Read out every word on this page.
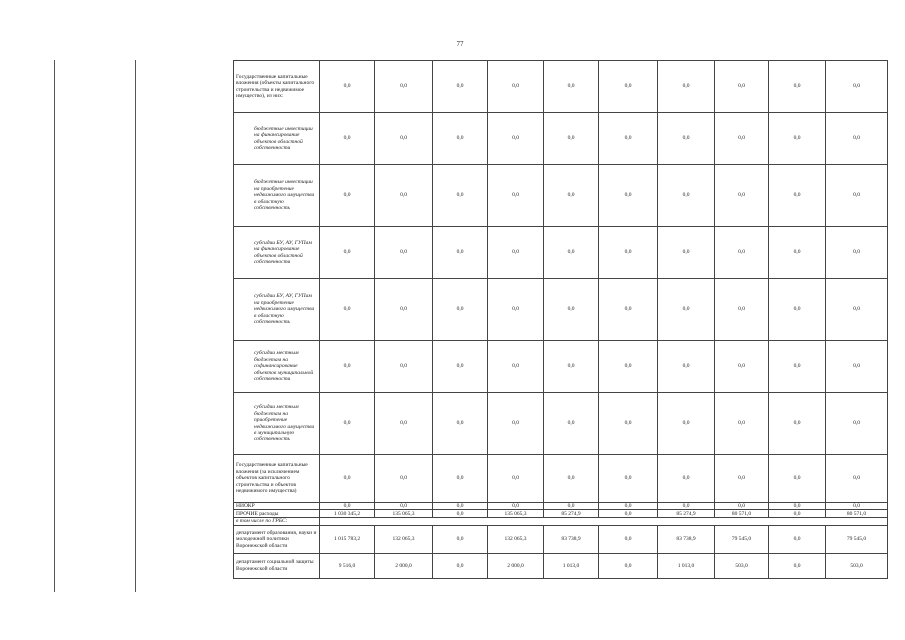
77
Государственные капитальные вложения (объекты капитального строительства и недвижимое имущество), из них:	0,0	0,0	0,0	0,0	0,0	0,0	0,0	0,0	0,0	0,0
бюджетные инвестиции на финансирование объектов областной собственности	0,0	0,0	0,0	0,0	0,0	0,0	0,0	0,0	0,0	0,0
бюджетные инвестиции на приобретение недвижимого имущества в областную собственность	0,0	0,0	0,0	0,0	0,0	0,0	0,0	0,0	0,0	0,0
субсидии БУ, АУ, ГУПам на финансирование объектов областной собственности	0,0	0,0	0,0	0,0	0,0	0,0	0,0	0,0	0,0	0,0
субсидии БУ, АУ, ГУПам на приобретение недвижимого имущества в областную собственность	0,0	0,0	0,0	0,0	0,0	0,0	0,0	0,0	0,0	0,0
субсидии местным бюджетам на софинансирование объектов муниципальной собственности	0,0	0,0	0,0	0,0	0,0	0,0	0,0	0,0	0,0	0,0
субсидии местным бюджетам на приобретение недвижимого имущества в муниципальную собственность	0,0	0,0	0,0	0,0	0,0	0,0	0,0	0,0	0,0	0,0
Государственные капитальные вложения (за исключением объектов капитального строительства и объектов недвижимого имущества)	0,0	0,0	0,0	0,0	0,0	0,0	0,0	0,0	0,0	0,0
НИОКР	0,0	0,0	0,0	0,0	0,0	0,0	0,0	0,0	0,0	0,0
ПРОЧИЕ расходы	1 030 345,2	135 065,3	0,0	135 065,3	85 274,9	0,0	85 274,9	80 571,0	0,0	80 571,0
в том числе по ГРБС:										
департамент образования, науки и молодежной политики Воронежской области	1 015 783,2	132 065,3	0,0	132 065,3	83 738,9	0,0	83 738,9	79 545,0	0,0	79 545,0
департамент социальной защиты Воронежской области	9 516,0	2 000,0	0,0	2 000,0	1 013,0	0,0	1 013,0	503,0	0,0	503,0
